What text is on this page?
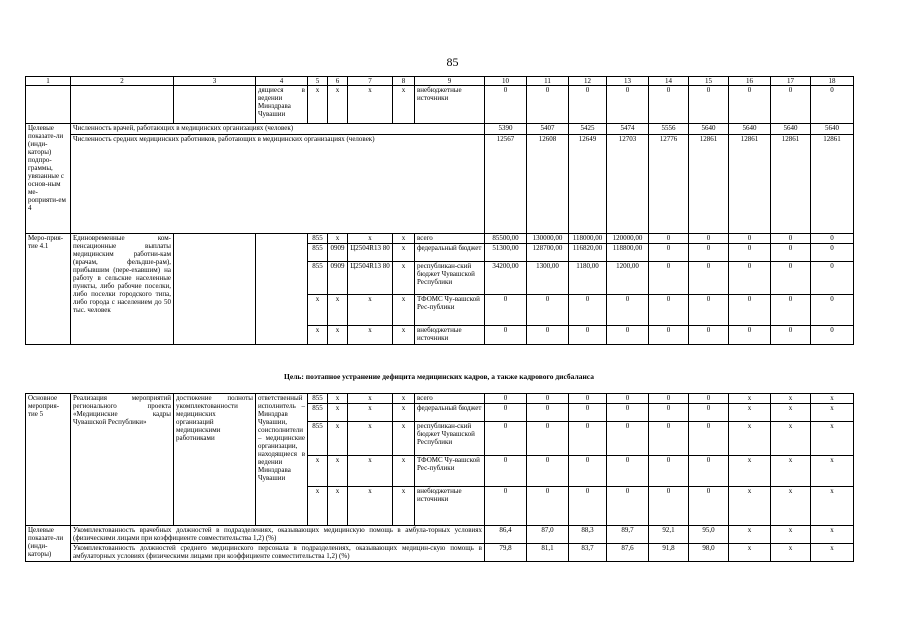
85
1	2	3	4	5	6	7	8	9	10	11	12	13	14	15	16	17	18
			дящиеся в ведении Минздрава Чувашии	х	х	х	х	внебюджетные источники	0	0	0	0	0	0	0	0	0
Целевые показате-ли (инди-каторы) подпро-граммы, увязанные с основ-ным ме-роприяти-ем 4	Численность врачей, работающих в медицинских организациях (человек)								5390	5407	5425	5474	5556	5640	5640	5640	5640
	Численность средних медицинских работников, работающих в медицинских организациях (человек)								12567	12608	12649	12703	12776	12861	12861	12861	12861
Меро-прия-тие 4.1	Единовременные ком-пенсационные выплаты медицинским работни-кам (врачам, фельдше-рам), прибывшим (пере-ехавшим) на работу в сельские населенные пункты, либо рабочие поселки, либо поселки городского типа, либо города с населением до 50 тыс. человек			855	х	х	х	всего	85500,00	130000,00	118000,00	120000,00	0	0	0	0	0
				855	0909	Ц2504R13 80	х	федеральный бюджет	51300,00	128700,00	116820,00	118800,00	0	0	0	0	0
				855	0909	Ц2504R13 80	х	республикан-ский бюджет Чувашской Республики	34200,00	1300,00	1180,00	1200,00	0	0	0	0	0
				х	х	х	х	ТФОМС Чу-вашской Рес-публики	0	0	0	0	0	0	0	0	0
				х	х	х	х	внебюджетные источники	0	0	0	0	0	0	0	0	0
Цель: поэтапное устранение дефицита медицинских кадров, а также кадрового дисбаланса
Основное мероприя-тие 5	Реализация мероприятий регионального проекта «Медицинские кадры Чувашской Республики»	достижение полноты укомплектованности медицинских организаций медицинскими работниками	ответственный исполнитель – Минздрав Чувашии, соисполнители – медицинские организации, находящиеся в ведении Минздрава Чувашии	855	х	х	х	всего	0	0	0	0	0	0	х	х	х
				855	х	х	х	федеральный бюджет	0	0	0	0	0	0	х	х	х
				855	х	х	х	республикан-ский бюджет Чувашской Республики	0	0	0	0	0	0	х	х	х
				х	х	х	х	ТФОМС Чу-вашской Рес-публики	0	0	0	0	0	0	х	х	х
				х	х	х	х	внебюджетные источники	0	0	0	0	0	0	х	х	х
Целевые показате-ли (инди-каторы)	Укомплектованность врачебных должностей в подразделениях, оказывающих медицинскую помощь в амбула-торных условиях (физическими лицами при коэффициенте совместительства 1,2) (%)								86,4	87,0	88,3	89,7	92,1	95,0	х	х	х
	Укомплектованность должностей среднего медицинского персонала в подразделениях, оказывающих медицин-скую помощь в амбулаторных условиях (физическими лицами при коэффициенте совместительства 1,2) (%)								79,8	81,1	83,7	87,6	91,8	98,0	х	х	х
